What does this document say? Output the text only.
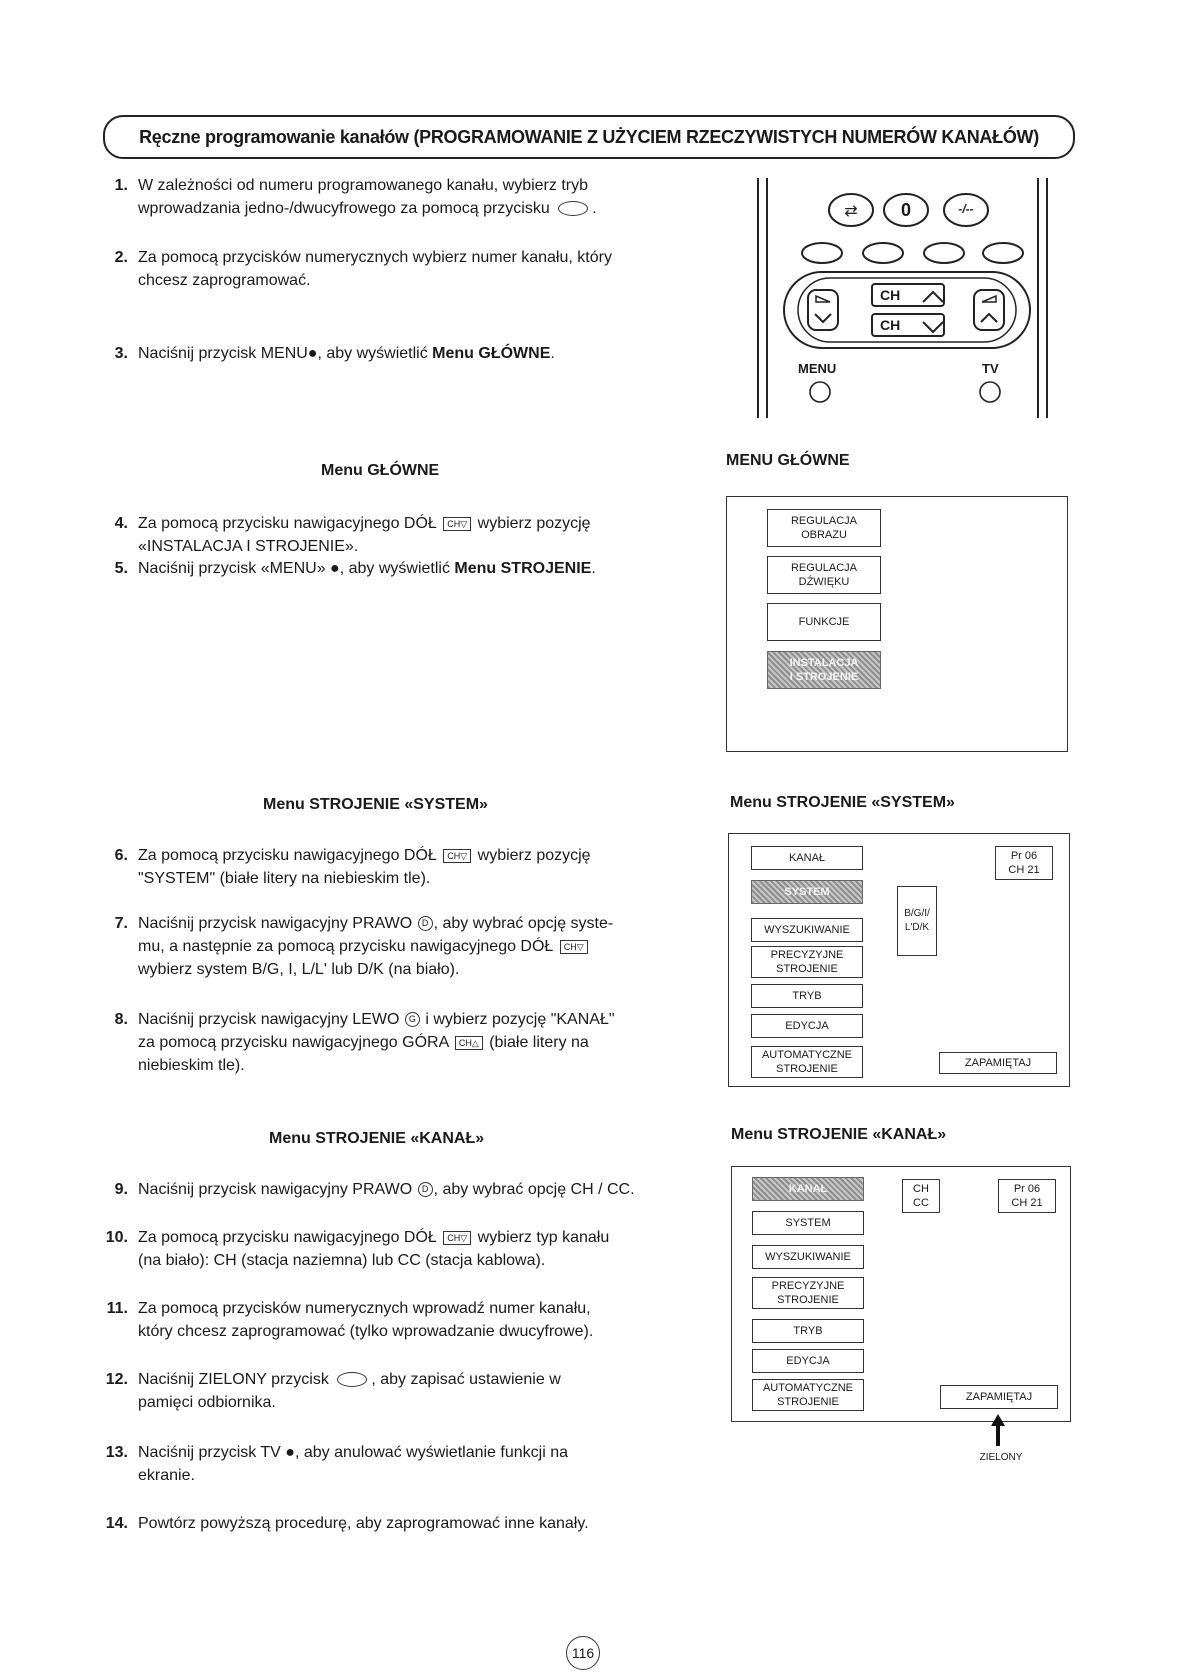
Ręczne programowanie kanałów (PROGRAMOWANIE Z UŻYCIEM RZECZYWISTYCH NUMERÓW KANAŁÓW)
1. W zależności od numeru programowanego kanału, wybierz tryb
wprowadzania jedno-/dwucyfrowego za pomocą przycisku	.
2. Za pomocą przycisków numerycznych wybierz numer kanału, który
chcesz zaprogramować.
3. Naciśnij przycisk MENU●, aby wyświetlić Menu GŁÓWNE.
⇄ 0	-/--
CH
CH
MENU	TV
Menu GŁÓWNE
MENU GŁÓWNE
4. Za pomocą przycisku nawigacyjnego DÓŁ CH▽ wybierz pozycję
«INSTALACJA I STROJENIE».
5. Naciśnij przycisk «MENU» ●, aby wyświetlić Menu STROJENIE.
REGULACJA
OBRAZU
REGULACJA
DŹWIĘKU
FUNKCJE
INSTALACJA
I STROJENIE
Menu STROJENIE «SYSTEM»	Menu STROJENIE «SYSTEM»
6. Za pomocą przycisku nawigacyjnego DÓŁ CH▽ wybierz pozycję
"SYSTEM" (białe litery na niebieskim tle).
7. Naciśnij przycisk nawigacyjny PRAWO D , aby wybrać opcję syste-
mu, a następnie za pomocą przycisku nawigacyjnego DÓŁ CH▽
wybierz system B/G, I, L/L' lub D/K (na biało).
8. Naciśnij przycisk nawigacyjny LEWO G i wybierz pozycję "KANAŁ"
za pomocą przycisku nawigacyjnego GÓRA CH△ (białe litery na
niebieskim tle).
KANAŁ
SYSTEM
WYSZUKIWANIE
PRECYZYJNE
STROJENIE
TRYB
EDYCJA
AUTOMATYCZNE
STROJENIE
B/G/I/
L'D/K
Pr 06
CH 21
ZAPAMIĘTAJ
Menu STROJENIE «KANAŁ»	Menu STROJENIE «KANAŁ»
9. Naciśnij przycisk nawigacyjny PRAWO D , aby wybrać opcję CH / CC.
10. Za pomocą przycisku nawigacyjnego DÓŁ CH▽ wybierz typ kanału
(na biało): CH (stacja naziemna) lub CC (stacja kablowa).
11. Za pomocą przycisków numerycznych wprowadź numer kanału,
który chcesz zaprogramować (tylko wprowadzanie dwucyfrowe).
12. Naciśnij ZIELONY przycisk	, aby zapisać ustawienie w
pamięci odbiornika.
13. Naciśnij przycisk TV ●, aby anulować wyświetlanie funkcji na
ekranie.
14. Powtórz powyższą procedurę, aby zaprogramować inne kanały.
KANAŁ
SYSTEM
WYSZUKIWANIE
PRECYZYJNE
STROJENIE
TRYB
EDYCJA
AUTOMATYCZNE
STROJENIE
CH
CC
Pr 06
CH 21
ZAPAMIĘTAJ
ZIELONY
116
